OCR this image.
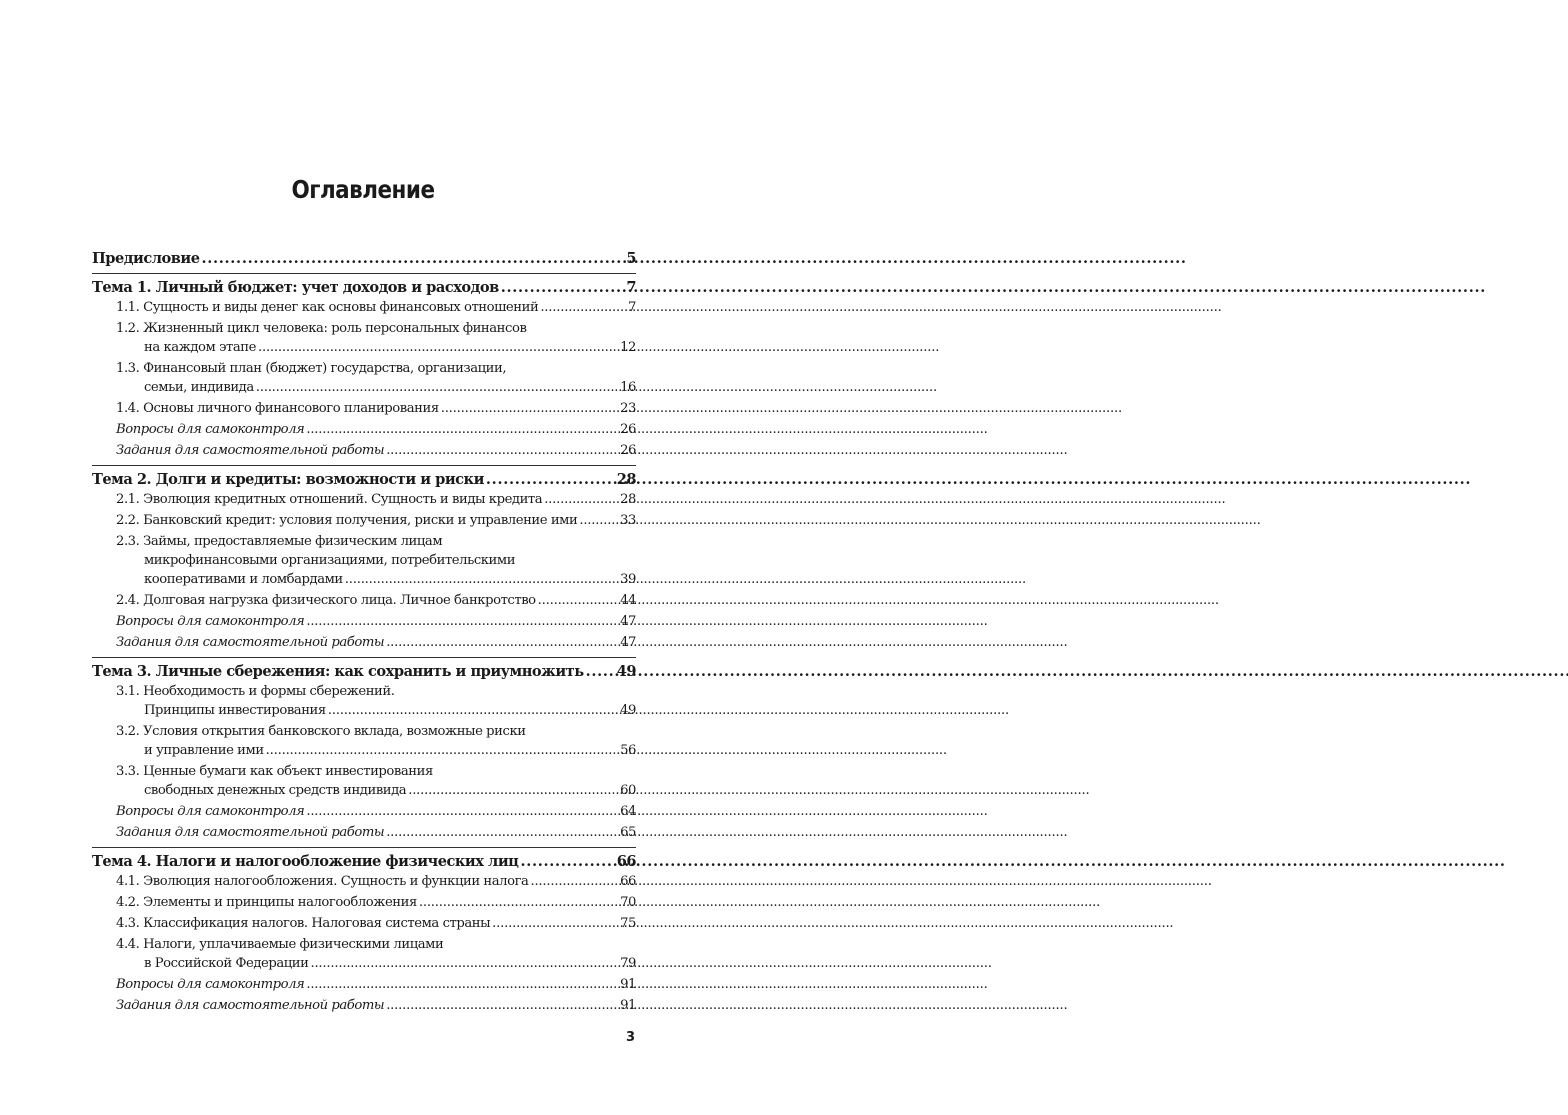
Оглавление
Предисловие . . .	5
Тема 1. Личный бюджет: учет доходов и расходов . . .	7
1.1. Сущность и виды денег как основы финансовых отношений . . .	7
1.2. Жизненный цикл человека: роль персональных финансов
на каждом этапе . . .	12
1.3. Финансовый план (бюджет) государства, организации,
семьи, индивида . . .	16
1.4. Основы личного финансового планирования . . .	23
Вопросы для самоконтроля . . .	26
Задания для самостоятельной работы . . .	26
Тема 2. Долги и кредиты: возможности и риски . . .	28
2.1. Эволюция кредитных отношений. Сущность и виды кредита . . .	28
2.2. Банковский кредит: условия получения, риски и управление ими . . .	33
2.3. Займы, предоставляемые физическим лицам
микрофинансовыми организациями, потребительскими
кооперативами и ломбардами . . .	39
2.4. Долговая нагрузка физического лица. Личное банкротство . . .	44
Вопросы для самоконтроля . . .	47
Задания для самостоятельной работы . . .	47
Тема 3. Личные сбережения: как сохранить и приумножить . . . 49
3.1. Необходимость и формы сбережений.
Принципы инвестирования . . .	49
3.2. Условия открытия банковского вклада, возможные риски
и управление ими . . .	56
3.3. Ценные бумаги как объект инвестирования
свободных денежных средств индивида . . .	60
Вопросы для самоконтроля . . .	64
Задания для самостоятельной работы . . .	65
Тема 4. Налоги и налогообложение физических лиц . . .	66
4.1. Эволюция налогообложения. Сущность и функции налога . . .	66
4.2. Элементы и принципы налогообложения . . .	70
4.3. Классификация налогов. Налоговая система страны . . .	75
4.4. Налоги, уплачиваемые физическими лицами
в Российской Федерации . . .	79
Вопросы для самоконтроля . . .	91
Задания для самостоятельной работы . . .	91
3
